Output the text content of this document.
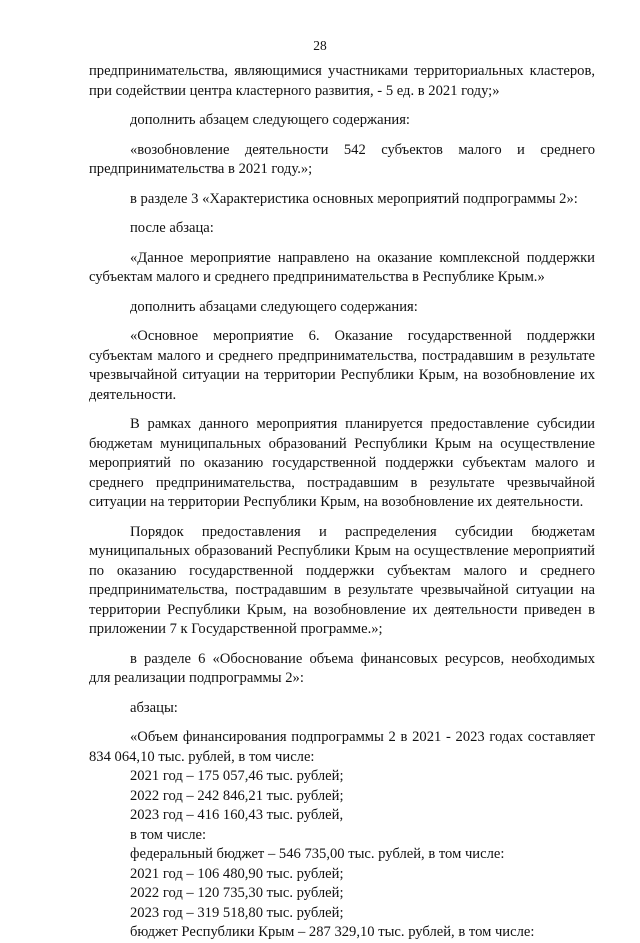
28

предпринимательства, являющимися участниками территориальных кластеров, при содействии центра кластерного развития, - 5 ед. в 2021 году;»

дополнить абзацем следующего содержания:

«возобновление деятельности 542 субъектов малого и среднего предпринимательства в 2021 году.»;

в разделе 3 «Характеристика основных мероприятий подпрограммы 2»:

после абзаца:

«Данное мероприятие направлено на оказание комплексной поддержки субъектам малого и среднего предпринимательства в Республике Крым.»

дополнить абзацами следующего содержания:

«Основное мероприятие 6. Оказание государственной поддержки субъектам малого и среднего предпринимательства, пострадавшим в результате чрезвычайной ситуации на территории Республики Крым, на возобновление их деятельности.

В рамках данного мероприятия планируется предоставление субсидии бюджетам муниципальных образований Республики Крым на осуществление мероприятий по оказанию государственной поддержки субъектам малого и среднего предпринимательства, пострадавшим в результате чрезвычайной ситуации на территории Республики Крым, на возобновление их деятельности.

Порядок предоставления и распределения субсидии бюджетам муниципальных образований Республики Крым на осуществление мероприятий по оказанию государственной поддержки субъектам малого и среднего предпринимательства, пострадавшим в результате чрезвычайной ситуации на территории Республики Крым, на возобновление их деятельности приведен в приложении 7 к Государственной программе.»;

в разделе 6 «Обоснование объема финансовых ресурсов, необходимых для реализации подпрограммы 2»:

абзацы:

«Объем финансирования подпрограммы 2 в 2021 - 2023 годах составляет 834 064,10 тыс. рублей, в том числе:

2021 год – 175 057,46 тыс. рублей;

2022 год – 242 846,21 тыс. рублей;

2023 год – 416 160,43 тыс. рублей,

в том числе:

федеральный бюджет – 546 735,00 тыс. рублей, в том числе:

2021 год – 106 480,90 тыс. рублей;

2022 год – 120 735,30 тыс. рублей;

2023 год – 319 518,80 тыс. рублей;

бюджет Республики Крым – 287 329,10 тыс. рублей, в том числе:
